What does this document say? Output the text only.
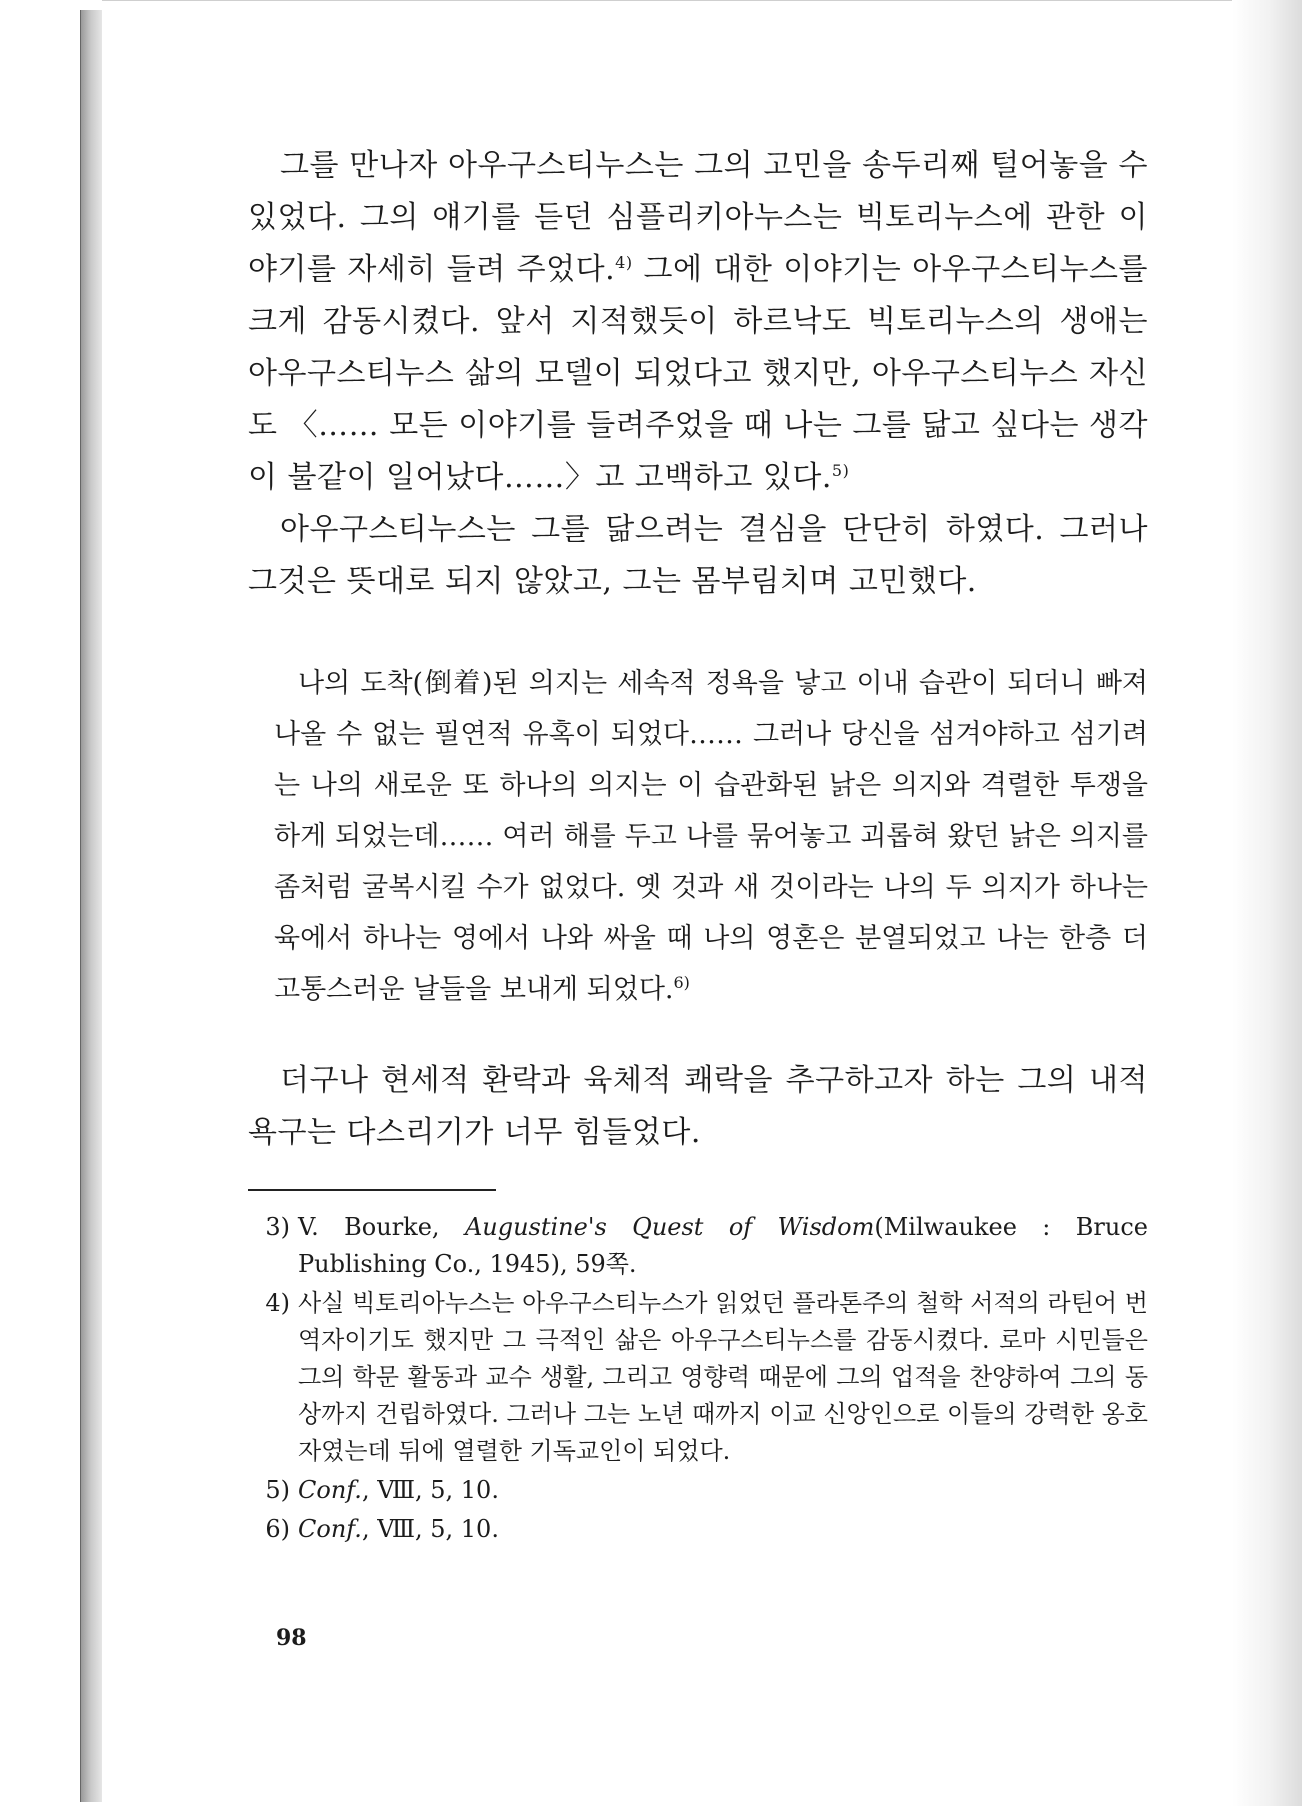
그를 만나자 아우구스티누스는 그의 고민을 송두리째 털어놓을 수 있었다. 그의 얘기를 듣던 심플리키아누스는 빅토리누스에 관한 이야기를 자세히 들려 주었다.$^{4)}$ 그에 대한 이야기는 아우구스티누스를 크게 감동시켰다. 앞서 지적했듯이 하르낙도 빅토리누스의 생애는 아우구스티누스 삶의 모델이 되었다고 했지만, 아우구스티누스 자신도 〈…… 모든 이야기를 들려주었을 때 나는 그를 닮고 싶다는 생각이 불같이 일어났다……〉고 고백하고 있다.$^{5)}$

아우구스티누스는 그를 닮으려는 결심을 단단히 하였다. 그러나 그것은 뜻대로 되지 않았고, 그는 몸부림치며 고민했다.

나의 도착(倒着)된 의지는 세속적 정욕을 낳고 이내 습관이 되더니 빠져나올 수 없는 필연적 유혹이 되었다…… 그러나 당신을 섬겨야하고 섬기려는 나의 새로운 또 하나의 의지는 이 습관화된 낡은 의지와 격렬한 투쟁을 하게 되었는데…… 여러 해를 두고 나를 묶어놓고 괴롭혀 왔던 낡은 의지를 좀처럼 굴복시킬 수가 없었다. 옛 것과 새 것이라는 나의 두 의지가 하나는 육에서 하나는 영에서 나와 싸울 때 나의 영혼은 분열되었고 나는 한층 더 고통스러운 날들을 보내게 되었다.$^{6)}$

더구나 현세적 환락과 육체적 쾌락을 추구하고자 하는 그의 내적 욕구는 다스리기가 너무 힘들었다.

3) V. Bourke, Augustine's Quest of Wisdom(Milwaukee : Bruce Publishing Co., 1945), 59쪽.
4) 사실 빅토리아누스는 아우구스티누스가 읽었던 플라톤주의 철학 서적의 라틴어 번역자이기도 했지만 그 극적인 삶은 아우구스티누스를 감동시켰다. 로마 시민들은 그의 학문 활동과 교수 생활, 그리고 영향력 때문에 그의 업적을 찬양하여 그의 동상까지 건립하였다. 그러나 그는 노년 때까지 이교 신앙인으로 이들의 강력한 옹호자였는데 뒤에 열렬한 기독교인이 되었다.
5) Conf., Ⅷ, 5, 10.
6) Conf., Ⅷ, 5, 10.
98
